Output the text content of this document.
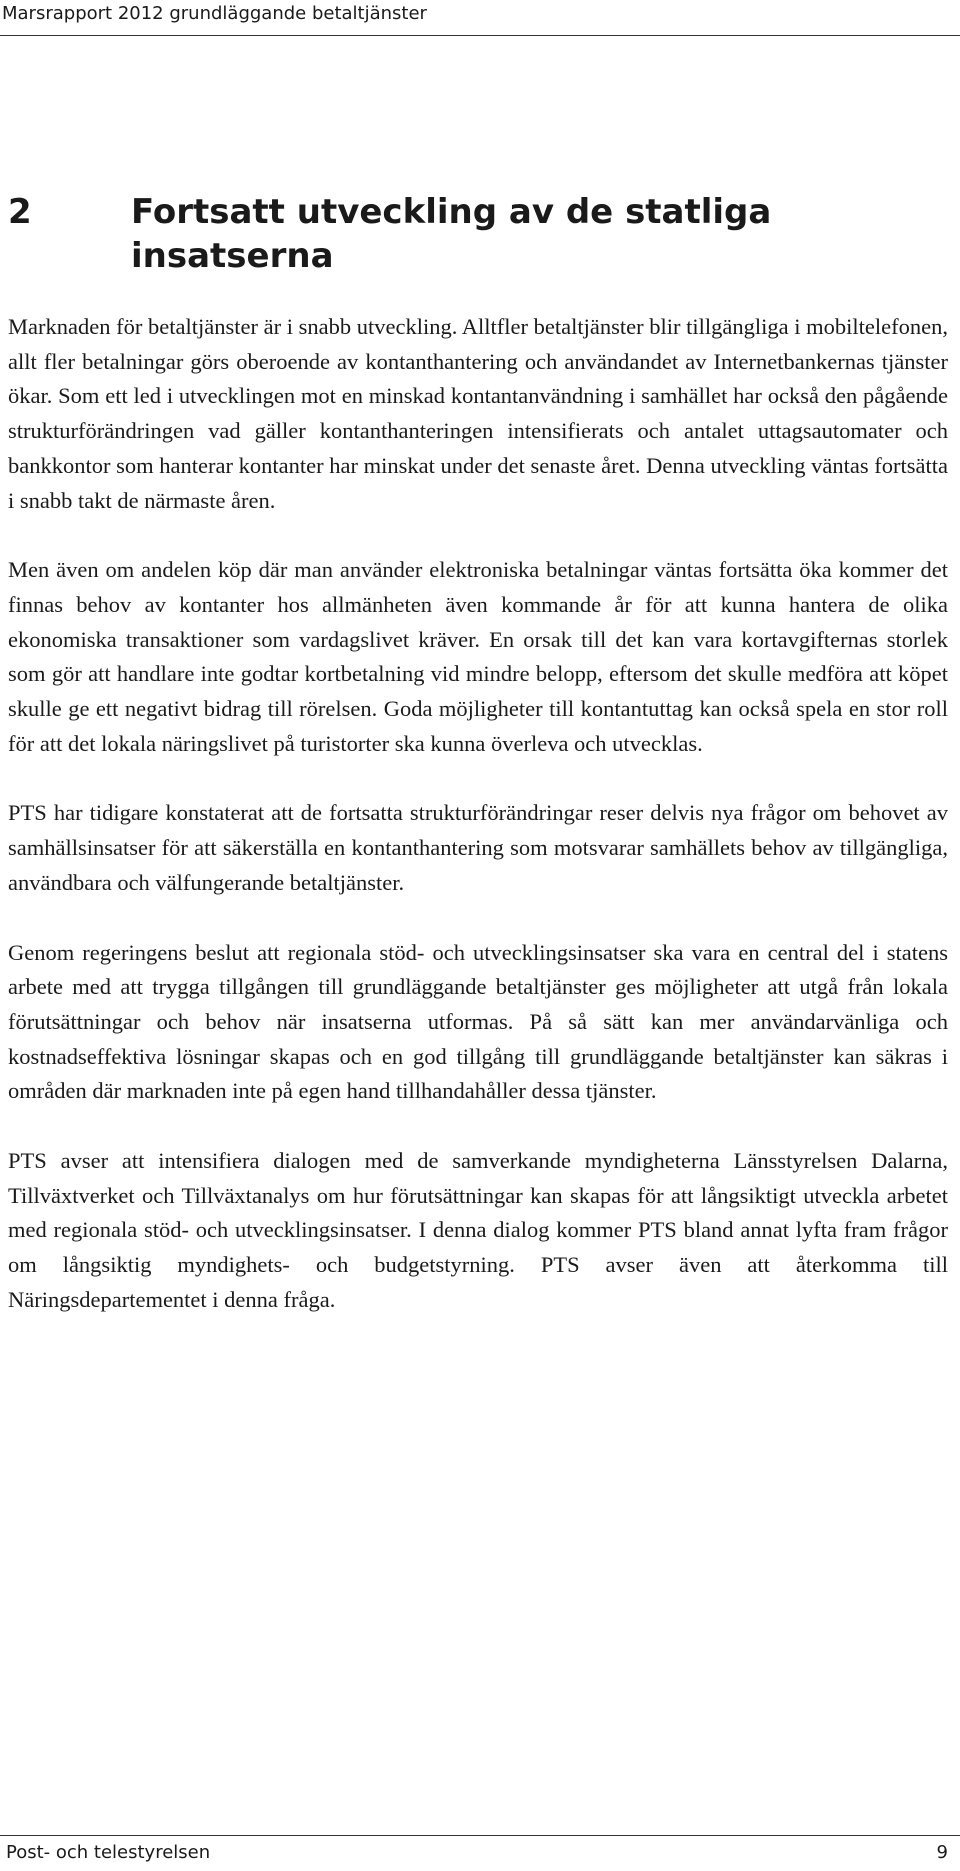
Marsrapport 2012 grundläggande betaltjänster
2	Fortsatt utveckling av de statliga insatserna

Marknaden för betaltjänster är i snabb utveckling. Alltfler betaltjänster blir tillgängliga i mobiltelefonen, allt fler betalningar görs oberoende av kontanthantering och användandet av Internetbankernas tjänster ökar. Som ett led i utvecklingen mot en minskad kontantanvändning i samhället har också den pågående strukturförändringen vad gäller kontanthanteringen intensifierats och antalet uttagsautomater och bankkontor som hanterar kontanter har minskat under det senaste året. Denna utveckling väntas fortsätta i snabb takt de närmaste åren.

Men även om andelen köp där man använder elektroniska betalningar väntas fortsätta öka kommer det finnas behov av kontanter hos allmänheten även kommande år för att kunna hantera de olika ekonomiska transaktioner som vardagslivet kräver. En orsak till det kan vara kortavgifternas storlek som gör att handlare inte godtar kortbetalning vid mindre belopp, eftersom det skulle medföra att köpet skulle ge ett negativt bidrag till rörelsen. Goda möjligheter till kontantuttag kan också spela en stor roll för att det lokala näringslivet på turistorter ska kunna överleva och utvecklas.

PTS har tidigare konstaterat att de fortsatta strukturförändringar reser delvis nya frågor om behovet av samhällsinsatser för att säkerställa en kontanthantering som motsvarar samhällets behov av tillgängliga, användbara och välfungerande betaltjänster.

Genom regeringens beslut att regionala stöd- och utvecklingsinsatser ska vara en central del i statens arbete med att trygga tillgången till grundläggande betaltjänster ges möjligheter att utgå från lokala förutsättningar och behov när insatserna utformas. På så sätt kan mer användarvänliga och kostnadseffektiva lösningar skapas och en god tillgång till grundläggande betaltjänster kan säkras i områden där marknaden inte på egen hand tillhandahåller dessa tjänster.

PTS avser att intensifiera dialogen med de samverkande myndigheterna Länsstyrelsen Dalarna, Tillväxtverket och Tillväxtanalys om hur förutsättningar kan skapas för att långsiktigt utveckla arbetet med regionala stöd- och utvecklingsinsatser. I denna dialog kommer PTS bland annat lyfta fram frågor om långsiktig myndighets- och budgetstyrning. PTS avser även att återkomma till Näringsdepartementet i denna fråga.

Post- och telestyrelsen	9
